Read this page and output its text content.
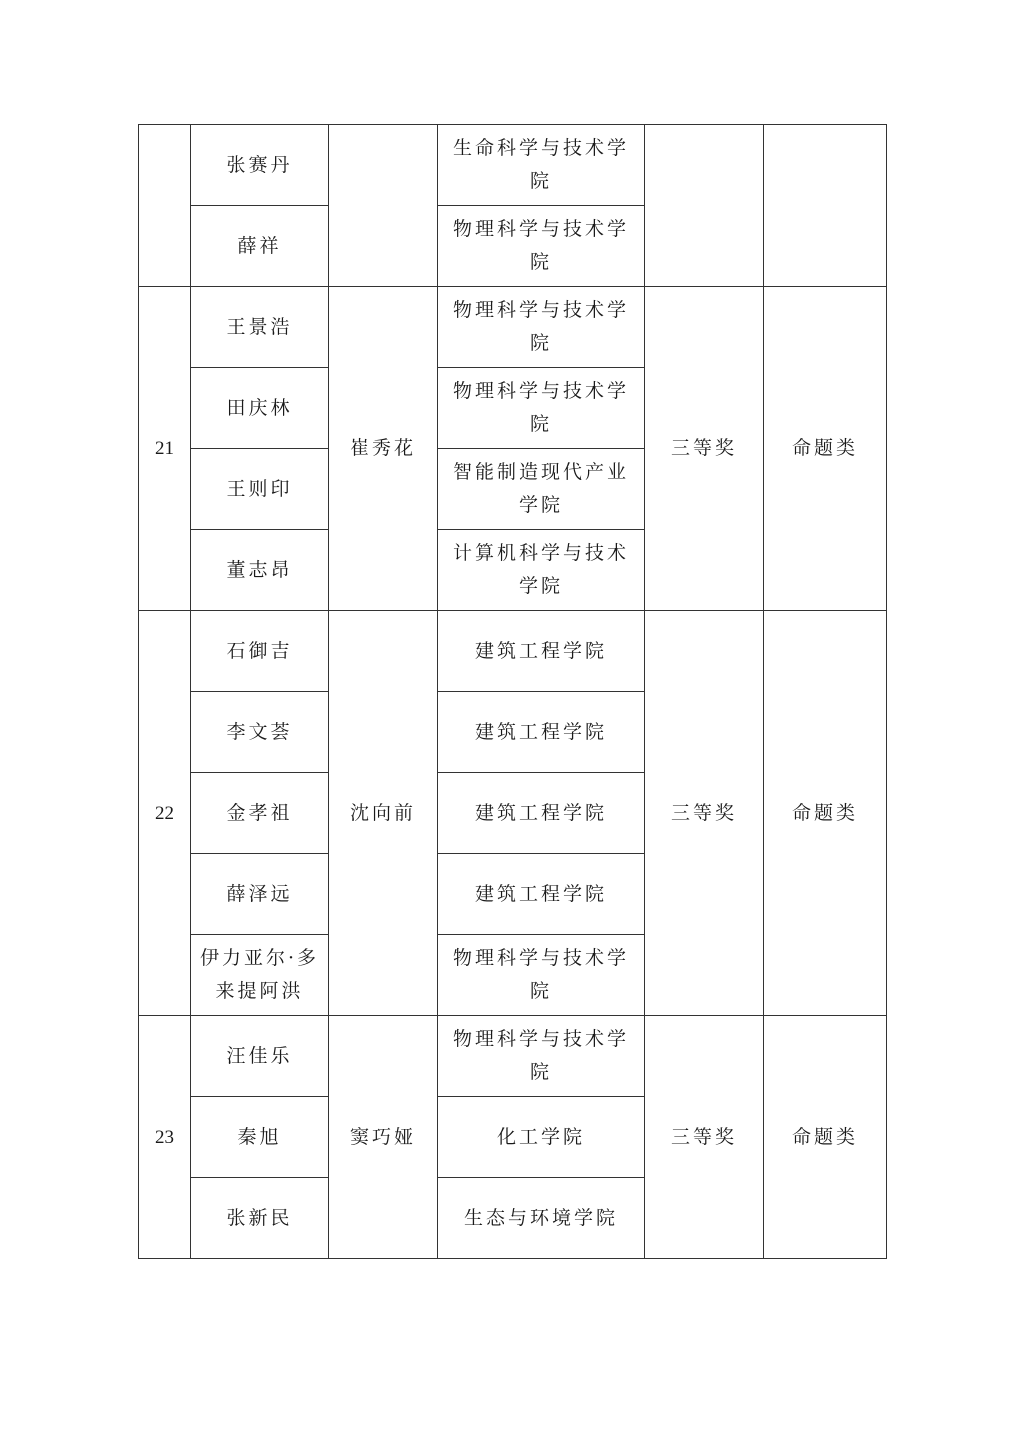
	张赛丹		生命科学与技术学院		
	薛祥		物理科学与技术学院		
21	王景浩	崔秀花	物理科学与技术学院	三等奖	命题类
	田庆林		物理科学与技术学院		
	王则印		智能制造现代产业学院		
	董志昂		计算机科学与技术学院		
22	石御吉	沈向前	建筑工程学院	三等奖	命题类
	李文荟		建筑工程学院		
	金孝祖		建筑工程学院		
	薛泽远		建筑工程学院		
	伊力亚尔·多来提阿洪		物理科学与技术学院		
23	汪佳乐	窦巧娅	物理科学与技术学院	三等奖	命题类
	秦旭		化工学院		
	张新民		生态与环境学院		
